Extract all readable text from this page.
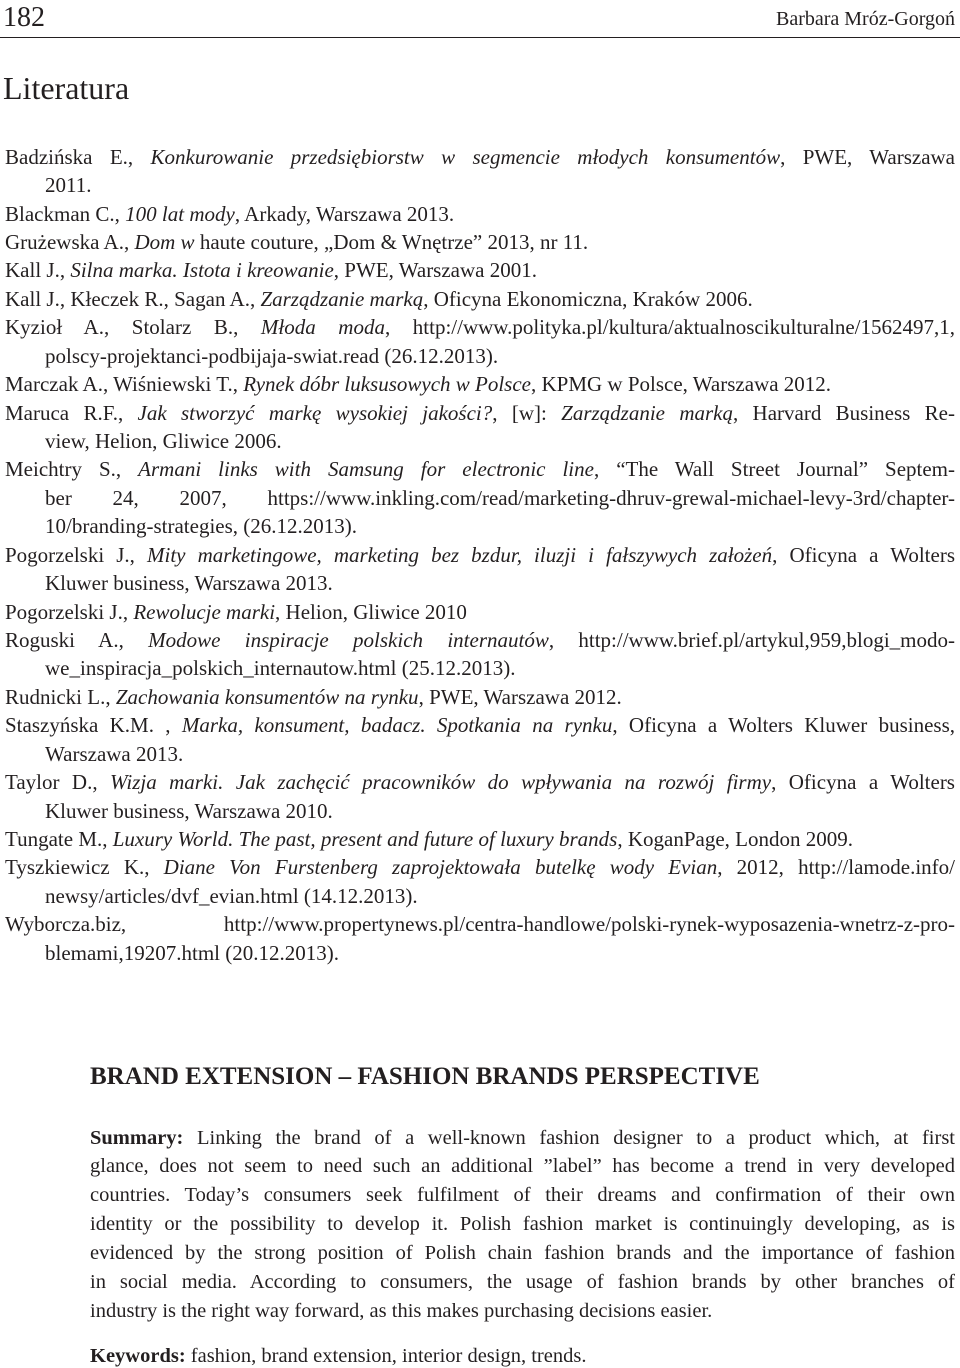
182	Barbara Mróz-Gorgoń
Literatura
Badzińska E., Konkurowanie przedsiębiorstw w segmencie młodych konsumentów, PWE, Warszawa
2011.
Blackman C., 100 lat mody, Arkady, Warszawa 2013.
Grużewska A., Dom w haute couture, „Dom & Wnętrze” 2013, nr 11.
Kall J., Silna marka. Istota i kreowanie, PWE, Warszawa 2001.
Kall J., Kłeczek R., Sagan A., Zarządzanie marką, Oficyna Ekonomiczna, Kraków 2006.
Kyzioł A., Stolarz B., Młoda moda, http://www.polityka.pl/kultura/aktualnoscikulturalne/1562497,1,
polscy-projektanci-podbijaja-swiat.read (26.12.2013).
Marczak A., Wiśniewski T., Rynek dóbr luksusowych w Polsce, KPMG w Polsce, Warszawa 2012.
Maruca R.F., Jak stworzyć markę wysokiej jakości?, [w]: Zarządzanie marką, Harvard Business Re-
view, Helion, Gliwice 2006.
Meichtry S., Armani links with Samsung for electronic line, “The Wall Street Journal” Septem-
ber 24, 2007, https://www.inkling.com/read/marketing-dhruv-grewal-michael-levy-3rd/chapter-
10/branding-strategies, (26.12.2013).
Pogorzelski J., Mity marketingowe, marketing bez bzdur, iluzji i fałszywych założeń, Oficyna a Wolters
Kluwer business, Warszawa 2013.
Pogorzelski J., Rewolucje marki, Helion, Gliwice 2010
Roguski A., Modowe inspiracje polskich internautów, http://www.brief.pl/artykul,959,blogi_modo-
we_inspiracja_polskich_internautow.html (25.12.2013).
Rudnicki L., Zachowania konsumentów na rynku, PWE, Warszawa 2012.
Staszyńska K.M. , Marka, konsument, badacz. Spotkania na rynku, Oficyna a Wolters Kluwer business,
Warszawa 2013.
Taylor D., Wizja marki. Jak zachęcić pracowników do wpływania na rozwój firmy, Oficyna a Wolters
Kluwer business, Warszawa 2010.
Tungate M., Luxury World. The past, present and future of luxury brands, KoganPage, London 2009.
Tyszkiewicz K., Diane Von Furstenberg zaprojektowała butelkę wody Evian, 2012, http://lamode.info/
newsy/articles/dvf_evian.html (14.12.2013).
Wyborcza.biz, http://www.propertynews.pl/centra-handlowe/polski-rynek-wyposazenia-wnetrz-z-pro-
blemami,19207.html (20.12.2013).
BRAND EXTENSION – FASHION BRANDS PERSPECTIVE
Summary: Linking the brand of a well-known fashion designer to a product which, at first
glance, does not seem to need such an additional ”label” has become a trend in very developed
countries. Today’s consumers seek fulfilment of their dreams and confirmation of their own
identity or the possibility to develop it. Polish fashion market is continuingly developing, as is
evidenced by the strong position of Polish chain fashion brands and the importance of fashion
in social media. According to consumers, the usage of fashion brands by other branches of
industry is the right way forward, as this makes purchasing decisions easier.
Keywords: fashion, brand extension, interior design, trends.
